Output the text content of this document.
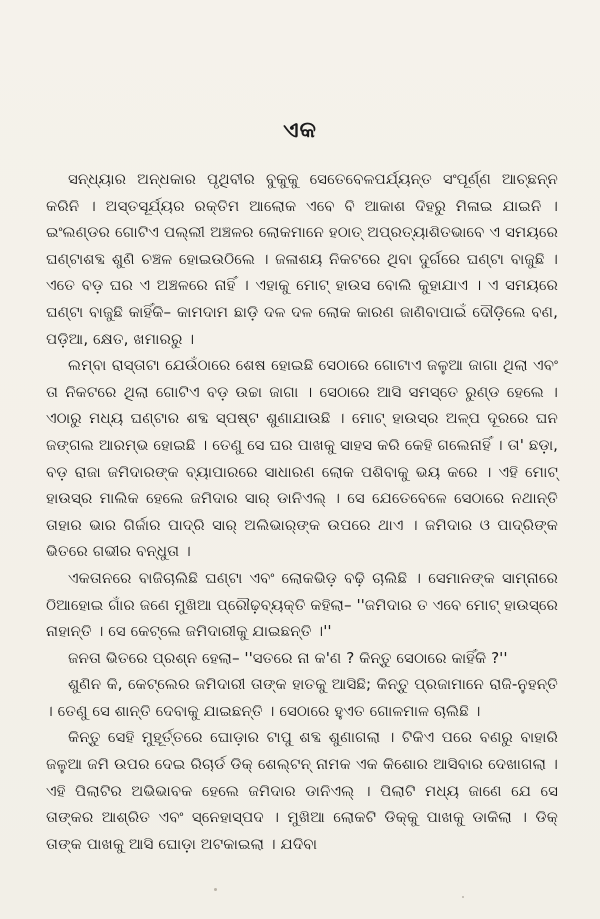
ଏକ

ସନ୍ଧ୍ୟାର ଅନ୍ଧକାର ପୃଥିବୀର ବୁକୁକୁ ସେତେବେଳପର୍ଯ୍ୟନ୍ତ ସଂପୂର୍ଣ୍ଣ ଆଚ୍ଛନ୍ନ କରିନି । ଅସ୍ତସୂର୍ଯ୍ୟର ରକ୍ତିମ ଆଲୋକ ଏବେ ବି ଆକାଶ ଦିହରୁ ମିଳାଇ ଯାଇନି । ଇଂଲଣ୍ଡର ଗୋଟିଏ ପଲ୍ଲୀ ଅଞ୍ଚଳର ଲୋକମାନେ ହଠାତ୍ ଅପ୍ରତ୍ୟାଶିତଭାବେ ଏ ସମୟରେ ଘଣ୍ଟାଶବ୍ଦ ଶୁଣି ଚଞ୍ଚଳ ହୋଇଉଠିଲେ । ଜଳାଶୟ ନିକଟରେ ଥିବା ଦୁର୍ଗରେ ଘଣ୍ଟା ବାଜୁଛି । ଏତେ ବଡ଼ ଘର ଏ ଅଞ୍ଚଳରେ ନାହିଁ । ଏହାକୁ ମୋଟ୍ ହାଉସ ବୋଲି କୁହାଯାଏ । ଏ ସମୟରେ ଘଣ୍ଟା ବାଜୁଛି କାହିଁକି– କାମଦାମ ଛାଡ଼ି ଦଳ ଦଳ ଲୋକ କାରଣ ଜାଣିବାପାଇଁ ଦୌଡ଼ିଲେ ବଣ, ପଡ଼ିଆ, କ୍ଷେତ, ଖମାରରୁ ।

ଲମ୍ବା ରାସ୍ତାଟା ଯେଉଁଠାରେ ଶେଷ ହୋଇଛି ସେଠାରେ ଗୋଟାଏ ଜଳୁଆ ଜାଗା ଥିଲା ଏବଂ ତା ନିକଟରେ ଥିଲା ଗୋଟିଏ ବଡ଼ ଉଚ୍ଚା ଜାଗା । ସେଠାରେ ଆସି ସମସ୍ତେ ରୁଣ୍ଡ ହେଲେ । ଏଠାରୁ ମଧ୍ୟ ଘଣ୍ଟାର ଶବ୍ଦ ସ୍ପଷ୍ଟ ଶୁଣାଯାଉଛି । ମୋଟ୍ ହାଉସ୍‌ର ଅଳ୍ପ ଦୂରରେ ଘନ ଜଙ୍ଗଲ ଆରମ୍ଭ ହୋଇଛି । ତେଣୁ ସେ ଘର ପାଖକୁ ସାହସ କରି କେହି ଗଲେନାହିଁ । ତା' ଛଡ଼ା, ବଡ଼ ରାଜା ଜମିଦାରଙ୍କ ବ୍ୟାପାରରେ ସାଧାରଣ ଲୋକ ପଶିବାକୁ ଭୟ କରେ । ଏହି ମୋଟ୍ ହାଉସ୍‌ର ମାଲିକ ହେଲେ ଜମିଦାର ସାର୍ ଡାନିଏଲ୍ । ସେ ଯେତେବେଳେ ସେଠାରେ ନଥାନ୍ତି ତାହାର ଭାର ଗିର୍ଜାର ପାଦ୍ରି ସାର୍ ଅଲିଭାର୍‌ଙ୍କ ଉପରେ ଥାଏ । ଜମିଦାର ଓ ପାଦ୍ରିଙ୍କ ଭିତରେ ଗଭୀର ବନ୍ଧୁତା ।

ଏକତାନରେ ବାଜିଚାଲିଛି ଘଣ୍ଟା ଏବଂ ଲୋକଭିଡ଼ ବଢ଼ି ଚାଲିଛି । ସେମାନଙ୍କ ସାମ୍ନାରେ ଠିଆହୋଇ ଗାଁର ଜଣେ ମୁଖିଆ ପ୍ରୌଢ଼ବ୍ୟକ୍ତି କହିଲା– ''ଜମିଦାର ତ ଏବେ ମୋଟ୍ ହାଉସ୍‌ରେ ନାହାନ୍ତି । ସେ କେଟ୍‌ଲେ ଜମିଦାରୀକୁ ଯାଇଛନ୍ତି ।''

ଜନତା ଭିତରେ ପ୍ରଶ୍ନ ହେଲା– ''ସତରେ ନା କ'ଣ ? କିନ୍ତୁ ସେଠାରେ କାହିଁକି ?''

ଶୁଣିନ କି, କେଟ୍‌ଲେର ଜମିଦାରୀ ତାଙ୍କ ହାତକୁ ଆସିଛି; କିନ୍ତୁ ପ୍ରଜାମାନେ ରାଜି-ନୁହନ୍ତି । ତେଣୁ ସେ ଶାନ୍ତି ଦେବାକୁ ଯାଇଛନ୍ତି । ସେଠାରେ ହୁଏତ ଗୋଳମାଳ ଚାଲିଛି ।

କିନ୍ତୁ ସେହି ମୁହୂର୍ତ୍ତରେ ଘୋଡ଼ାର ଟାପୁ ଶବ୍ଦ ଶୁଣାଗଲା । ଟିକିଏ ପରେ ବଣରୁ ବାହାରି ଜଳୁଆ ଜମି ଉପର ଦେଇ ରିଚାର୍ଡ ଡିକ୍ ଶେଲ୍‌ଟନ୍ ନାମକ ଏକ କିଶୋର ଆସିବାର ଦେଖାଗଲା । ଏହି ପିଲାଟିର ଅଭିଭାବକ ହେଲେ ଜମିଦାର ଡାନିଏଲ୍ । ପିଲାଟି ମଧ୍ୟ ଜାଣେ ଯେ ସେ ତାଙ୍କର ଆଶ୍ରିତ ଏବଂ ସ୍ନେହାସ୍ପଦ । ମୁଖିଆ ଲୋକଟି ଡିକ୍‌କୁ ପାଖକୁ ଡାକିଲା । ଡିକ୍ ତାଙ୍କ ପାଖକୁ ଆସି ଘୋଡ଼ା ଅଟକାଇଲା । ଯଦିବା
